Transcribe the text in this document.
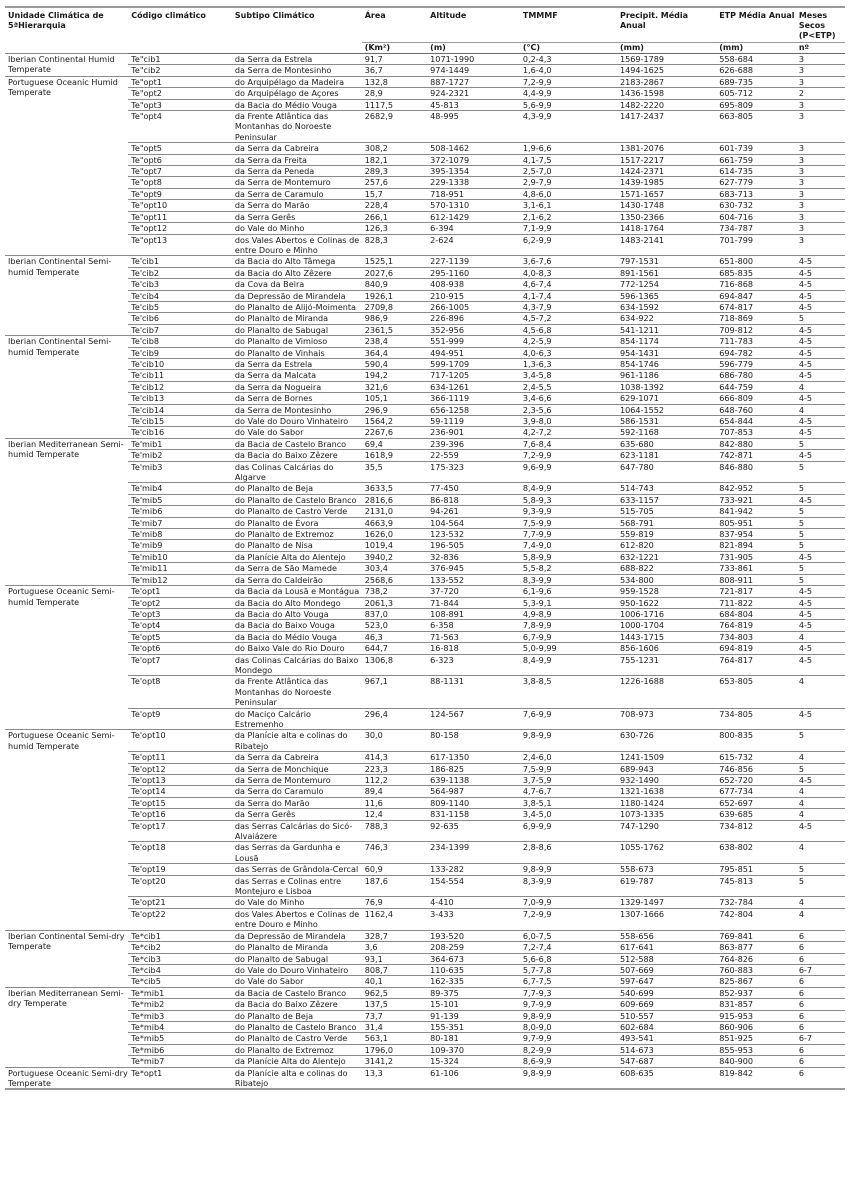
Unidade Climática de 5ªHierarquia	Código climático	Subtipo Climático	Área	Altitude	TMMMF	Precipit. Média Anual	ETP Média Anual	Meses Secos (P<ETP)
			(Km²)	(m)	(°C)	(mm)	(mm)	nº
Iberian Continental Humid Temperate	Te"cib1	da Serra da Estrela	91,7	1071-1990	0,2-4,3	1569-1789	558-684	3
	Te"cib2	da Serra de Montesinho	36,7	974-1449	1,6-4,0	1494-1625	626-688	3
Portuguese Oceanic Humid Temperate	Te"opt1	do Arquipélago da Madeira	132,8	887-1727	7,2-9,9	2183-2867	689-735	3
	Te"opt2	do Arquipélago de Açores	28,9	924-2321	4,4-9,9	1436-1598	605-712	2
	Te"opt3	da Bacia do Médio Vouga	1117,5	45-813	5,6-9,9	1482-2220	695-809	3
	Te"opt4	da Frente Atlântica das Montanhas do Noroeste Peninsular	2682,9	48-995	4,3-9,9	1417-2437	663-805	3
	Te"opt5	da Serra da Cabreira	308,2	508-1462	1,9-6,6	1381-2076	601-739	3
	Te"opt6	da Serra da Freita	182,1	372-1079	4,1-7,5	1517-2217	661-759	3
	Te"opt7	da Serra da Peneda	289,3	395-1354	2,5-7,0	1424-2371	614-735	3
	Te"opt8	da Serra de Montemuro	257,6	229-1338	2,9-7,9	1439-1985	627-779	3
	Te"opt9	da Serra de Caramulo	15,7	718-951	4,8-6,0	1571-1657	683-713	3
	Te"opt10	da Serra do Marão	228,4	570-1310	3,1-6,1	1430-1748	630-732	3
	Te"opt11	da Serra Gerês	266,1	612-1429	2,1-6,2	1350-2366	604-716	3
	Te"opt12	do Vale do Minho	126,3	6-394	7,1-9,9	1418-1764	734-787	3
	Te"opt13	dos Vales Abertos e Colinas de entre Douro e Minho	828,3	2-624	6,2-9,9	1483-2141	701-799	3
Iberian Continental Semi-humid Temperate	Te'cib1	da Bacia do Alto Tâmega	1525,1	227-1139	3,6-7,6	797-1531	651-800	4-5
	Te'cib2	da Bacia do Alto Zêzere	2027,6	295-1160	4,0-8,3	891-1561	685-835	4-5
	Te'cib3	da Cova da Beira	840,9	408-938	4,6-7,4	772-1254	716-868	4-5
	Te'cib4	da Depressão de Mirandela	1926,1	210-915	4,1-7,4	596-1365	694-847	4-5
	Te'cib5	do Planalto de Alijó-Moimenta	2709,8	266-1005	4,3-7,9	634-1592	674-817	4-5
	Te'cib6	do Planalto de Miranda	986,9	226-896	4,5-7,2	634-922	718-869	5
	Te'cib7	do Planalto de Sabugal	2361,5	352-956	4,5-6,8	541-1211	709-812	4-5
Iberian Continental Semi-humid Temperate	Te'cib8	do Planalto de Vimioso	238,4	551-999	4,2-5,9	854-1174	711-783	4-5
	Te'cib9	do Planalto de Vinhais	364,4	494-951	4,0-6,3	954-1431	694-782	4-5
	Te'cib10	da Serra da Estrela	590,4	599-1709	1,3-6,3	854-1746	596-779	4-5
	Te'cib11	da Serra da Malcata	194,2	717-1205	3,4-5,8	961-1186	686-780	4-5
	Te'cib12	da Serra da Nogueira	321,6	634-1261	2,4-5,5	1038-1392	644-759	4
	Te'cib13	da Serra de Bornes	105,1	366-1119	3,4-6,6	629-1071	666-809	4-5
	Te'cib14	da Serra de Montesinho	296,9	656-1258	2,3-5,6	1064-1552	648-760	4
	Te'cib15	do Vale do Douro Vinhateiro	1564,2	59-1119	3,9-8,0	586-1531	654-844	4-5
	Te'cib16	do Vale do Sabor	2267,6	236-901	4,2-7,2	592-1168	707-853	4-5
Iberian Mediterranean Semi-humid Temperate	Te'mib1	da Bacia de Castelo Branco	69,4	239-396	7,6-8,4	635-680	842-880	5
	Te'mib2	da Bacia do Baixo Zêzere	1618,9	22-559	7,2-9,9	623-1181	742-871	4-5
	Te'mib3	das Colinas Calcárias do Algarve	35,5	175-323	9,6-9,9	647-780	846-880	5
	Te'mib4	do Planalto de Beja	3633,5	77-450	8,4-9,9	514-743	842-952	5
	Te'mib5	do Planalto de Castelo Branco	2816,6	86-818	5,8-9,3	633-1157	733-921	4-5
	Te'mib6	do Planalto de Castro Verde	2131,0	94-261	9,3-9,9	515-705	841-942	5
	Te'mib7	do Planalto de Évora	4663,9	104-564	7,5-9,9	568-791	805-951	5
	Te'mib8	do Planalto de Extremoz	1626,0	123-532	7,7-9,9	559-819	837-954	5
	Te'mib9	do Planalto de Nisa	1019,4	196-505	7,4-9,0	612-820	821-894	5
	Te'mib10	da Planície Alta do Alentejo	3940,2	32-836	5,8-9,9	632-1221	731-905	4-5
	Te'mib11	da Serra de São Mamede	303,4	376-945	5,5-8,2	688-822	733-861	5
	Te'mib12	da Serra do Caldeirão	2568,6	133-552	8,3-9,9	534-800	808-911	5
Portuguese Oceanic Semi-humid Temperate	Te'opt1	da Bacia da Lousã e Montágua	738,2	37-720	6,1-9,6	959-1528	721-817	4-5
	Te'opt2	da Bacia do Alto Mondego	2061,3	71-844	5,3-9,1	950-1622	711-822	4-5
	Te'opt3	da Bacia do Alto Vouga	837,0	108-891	4,9-8,9	1006-1716	684-804	4-5
	Te'opt4	da Bacia do Baixo Vouga	523,0	6-358	7,8-9,9	1000-1704	764-819	4-5
	Te'opt5	da Bacia do Médio Vouga	46,3	71-563	6,7-9,9	1443-1715	734-803	4
	Te'opt6	do Baixo Vale do Rio Douro	644,7	16-818	5,0-9,99	856-1606	694-819	4-5
	Te'opt7	das Colinas Calcárias do Baixo Mondego	1306,8	6-323	8,4-9,9	755-1231	764-817	4-5
	Te'opt8	da Frente Atlântica das Montanhas do Noroeste Peninsular	967,1	88-1131	3,8-8,5	1226-1688	653-805	4
	Te'opt9	do Maciço Calcário Estremenho	296,4	124-567	7,6-9,9	708-973	734-805	4-5
Portuguese Oceanic Semi-humid Temperate	Te'opt10	da Planície alta e colinas do Ribatejo	30,0	80-158	9,8-9,9	630-726	800-835	5
	Te'opt11	da Serra da Cabreira	414,3	617-1350	2,4-6,0	1241-1509	615-732	4
	Te'opt12	da Serra de Monchique	223,3	186-825	7,5-9,9	689-943	746-856	5
	Te'opt13	da Serra de Montemuro	112,2	639-1138	3,7-5,9	932-1490	652-720	4-5
	Te'opt14	da Serra do Caramulo	89,4	564-987	4,7-6,7	1321-1638	677-734	4
	Te'opt15	da Serra do Marão	11,6	809-1140	3,8-5,1	1180-1424	652-697	4
	Te'opt16	da Serra Gerês	12,4	831-1158	3,4-5,0	1073-1335	639-685	4
	Te'opt17	das Serras Calcárias do Sicó-Alvaiázere	788,3	92-635	6,9-9,9	747-1290	734-812	4-5
	Te'opt18	das Serras da Gardunha e Lousã	746,3	234-1399	2,8-8,6	1055-1762	638-802	4
	Te'opt19	das Serras de Grândola-Cercal	60,9	133-282	9,8-9,9	558-673	795-851	5
	Te'opt20	das Serras e Colinas entre Montejuro e Lisboa	187,6	154-554	8,3-9,9	619-787	745-813	5
	Te'opt21	do Vale do Minho	76,9	4-410	7,0-9,9	1329-1497	732-784	4
	Te'opt22	dos Vales Abertos e Colinas de entre Douro e Minho	1162,4	3-433	7,2-9,9	1307-1666	742-804	4
Iberian Continental Semi-dry Temperate	Te*cib1	da Depressão de Mirandela	328,7	193-520	6,0-7,5	558-656	769-841	6
	Te*cib2	do Planalto de Miranda	3,6	208-259	7,2-7,4	617-641	863-877	6
	Te*cib3	do Planalto de Sabugal	93,1	364-673	5,6-6,8	512-588	764-826	6
	Te*cib4	do Vale do Douro Vinhateiro	808,7	110-635	5,7-7,8	507-669	760-883	6-7
	Te*cib5	do Vale do Sabor	40,1	162-335	6,7-7,5	597-647	825-867	6
Iberian Mediterranean Semi-dry Temperate	Te*mib1	da Bacia de Castelo Branco	962,5	89-375	7,7-9,3	540-699	852-937	6
	Te*mib2	da Bacia do Baixo Zêzere	137,5	15-101	9,7-9,9	609-669	831-857	6
	Te*mib3	do Planalto de Beja	73,7	91-139	9,8-9,9	510-557	915-953	6
	Te*mib4	do Planalto de Castelo Branco	31,4	155-351	8,0-9,0	602-684	860-906	6
	Te*mib5	do Planalto de Castro Verde	563,1	80-181	9,7-9,9	493-541	851-925	6-7
	Te*mib6	do Planalto de Extremoz	1796,0	109-370	8,2-9,9	514-673	855-953	6
	Te*mib7	da Planície Alta do Alentejo	3141,2	15-324	8,6-9,9	547-687	840-900	6
Portuguese Oceanic Semi-dry Temperate	Te*opt1	da Planície alta e colinas do Ribatejo	13,3	61-106	9,8-9,9	608-635	819-842	6
